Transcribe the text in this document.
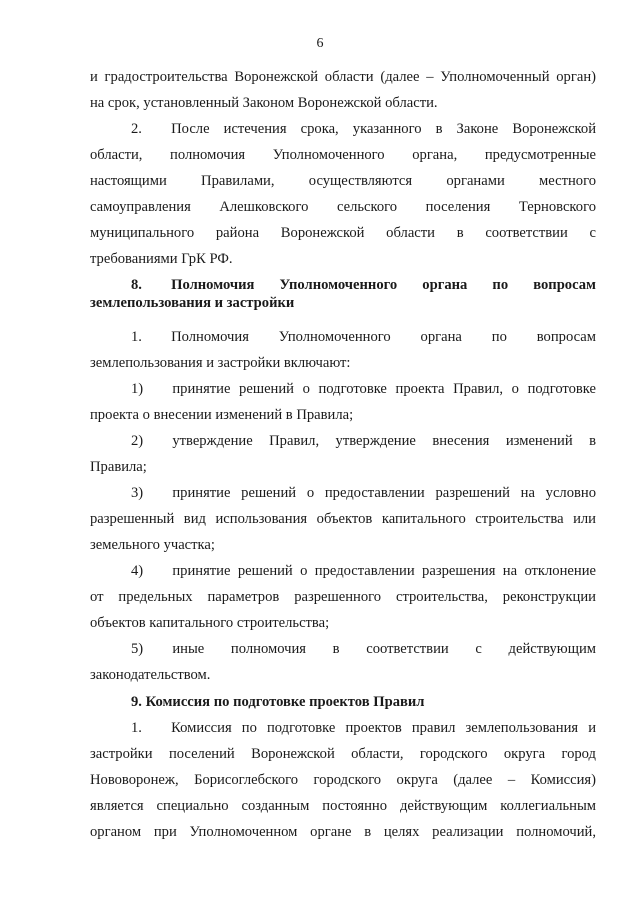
6
и градостроительства Воронежской области (далее – Уполномоченный орган)
на срок, установленный Законом Воронежской области.
2.  После истечения срока, указанного в Законе Воронежской
области, полномочия Уполномоченного органа, предусмотренные
настоящими Правилами, осуществляются органами местного
самоуправления Алешковского сельского поселения Терновского
муниципального района Воронежской области в соответствии с
требованиями ГрК РФ.
8.  Полномочия Уполномоченного органа по вопросам
землепользования и застройки
1.  Полномочия Уполномоченного органа по вопросам
землепользования и застройки включают:
1)  принятие решений о подготовке проекта Правил, о подготовке
проекта о внесении изменений в Правила;
2)  утверждение Правил, утверждение внесения изменений в
Правила;
3)  принятие решений о предоставлении разрешений на условно
разрешенный вид использования объектов капитального строительства или
земельного участка;
4)  принятие решений о предоставлении разрешения на отклонение
от предельных параметров разрешенного строительства, реконструкции
объектов капитального строительства;
5)  иные полномочия в соответствии с действующим
законодательством.
9. Комиссия по подготовке проектов Правил
1.  Комиссия по подготовке проектов правил землепользования и
застройки поселений Воронежской области, городского округа город
Нововоронеж, Борисоглебского городского округа (далее – Комиссия)
является специально созданным постоянно действующим коллегиальным
органом при Уполномоченном органе в целях реализации полномочий,
